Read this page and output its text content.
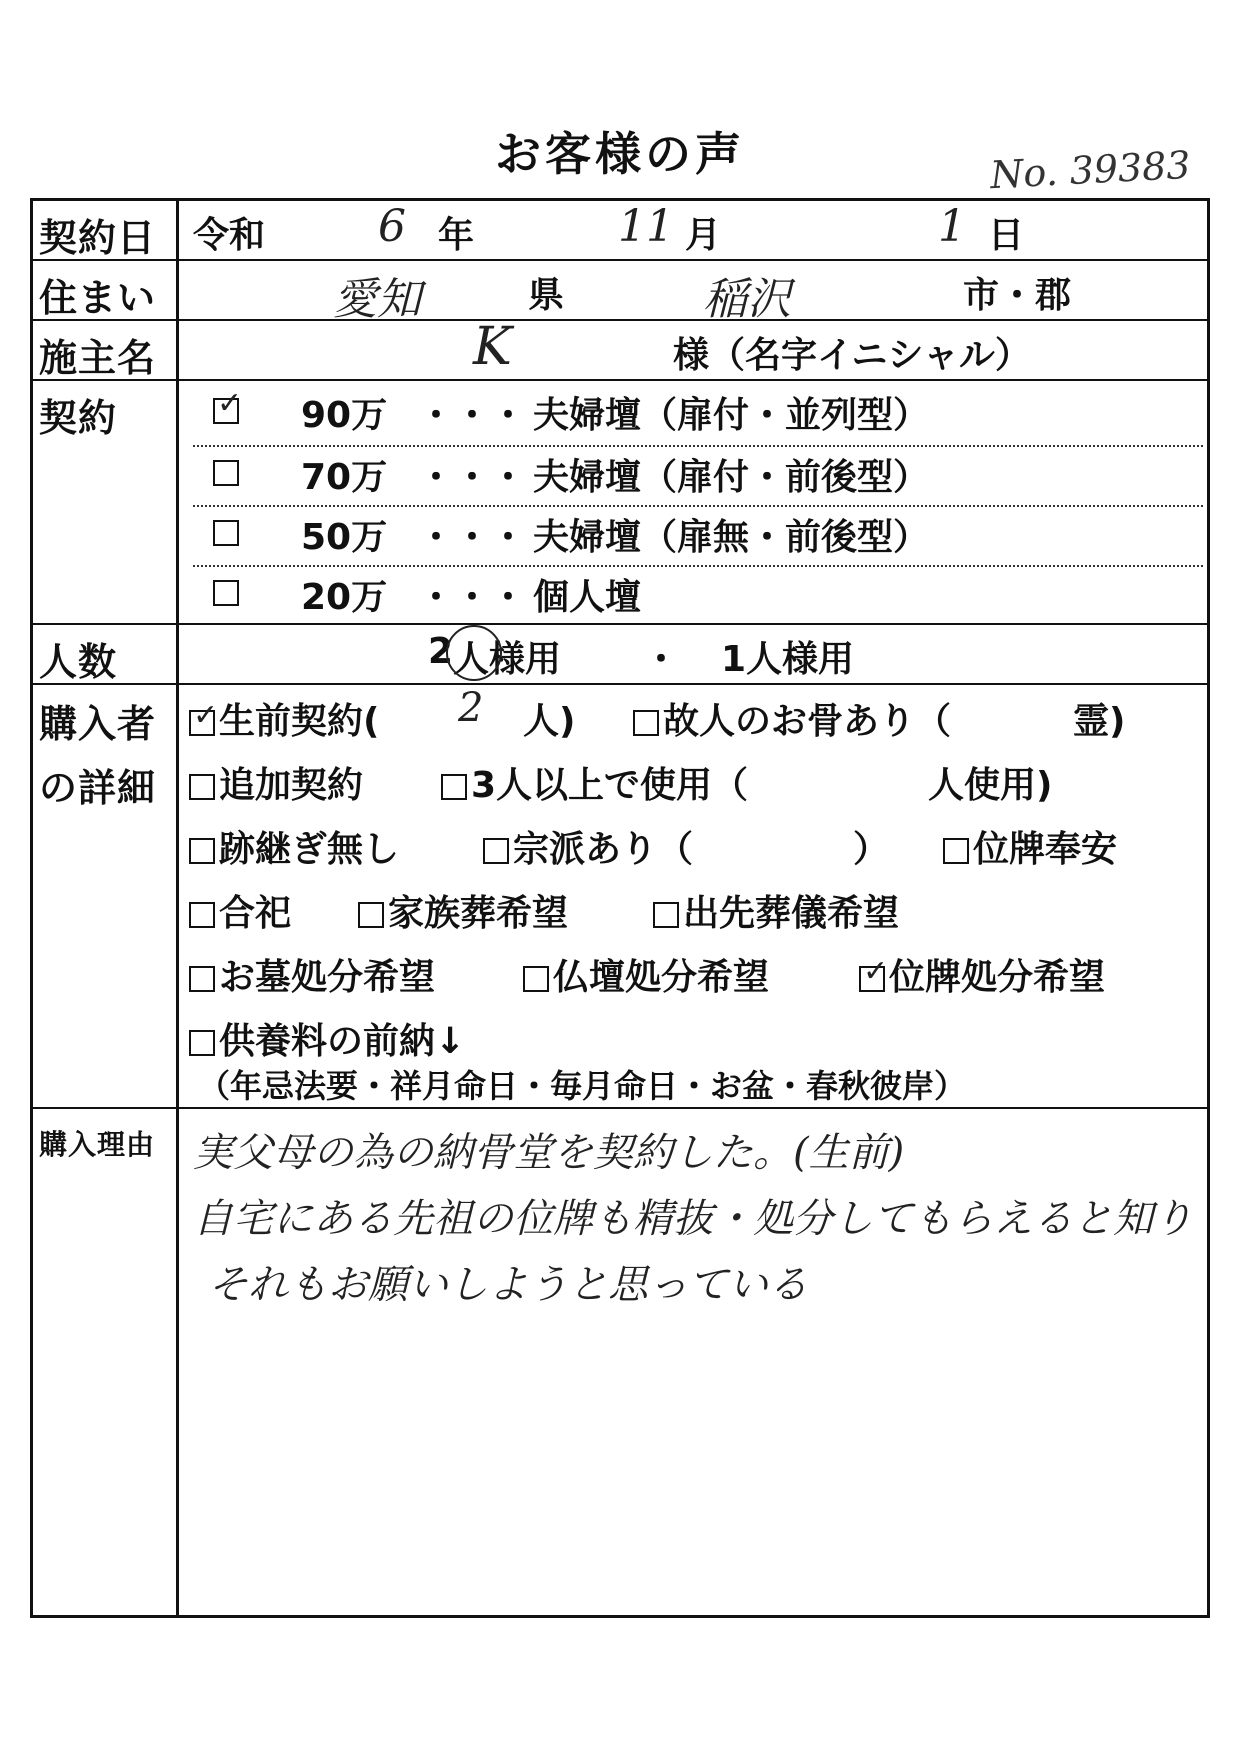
お客様の声	No. 39383
契約日 令和	6 年	11 月	1 日
住まい	愛知	県	稲沢	市・郡
施主名	K	様（名字イニシャル）
契約 ✓	90万 ・・・ 夫婦壇（扉付・並列型）
70万 ・・・ 夫婦壇（扉付・前後型）
50万 ・・・ 夫婦壇（扉無・前後型）
20万 ・・・ 個人壇
人数	2 人様用 ・ 1人様用
購入者
の詳細
✓生前契約( 2 人)	故人のお骨あり（	霊)
追加契約	3人以上で使用（	人使用)
跡継ぎ無し	宗派あり（	）	位牌奉安
合祀	家族葬希望	出先葬儀希望
お墓処分希望	仏壇処分希望 ✓	位牌処分希望
供養料の前納↓
（年忌法要・祥月命日・毎月命日・お盆・春秋彼岸）
購入理由 実父母の為の納骨堂を契約した。(生前)
自宅にある先祖の位牌も精抜・処分してもらえると知り
それもお願いしようと思っている
